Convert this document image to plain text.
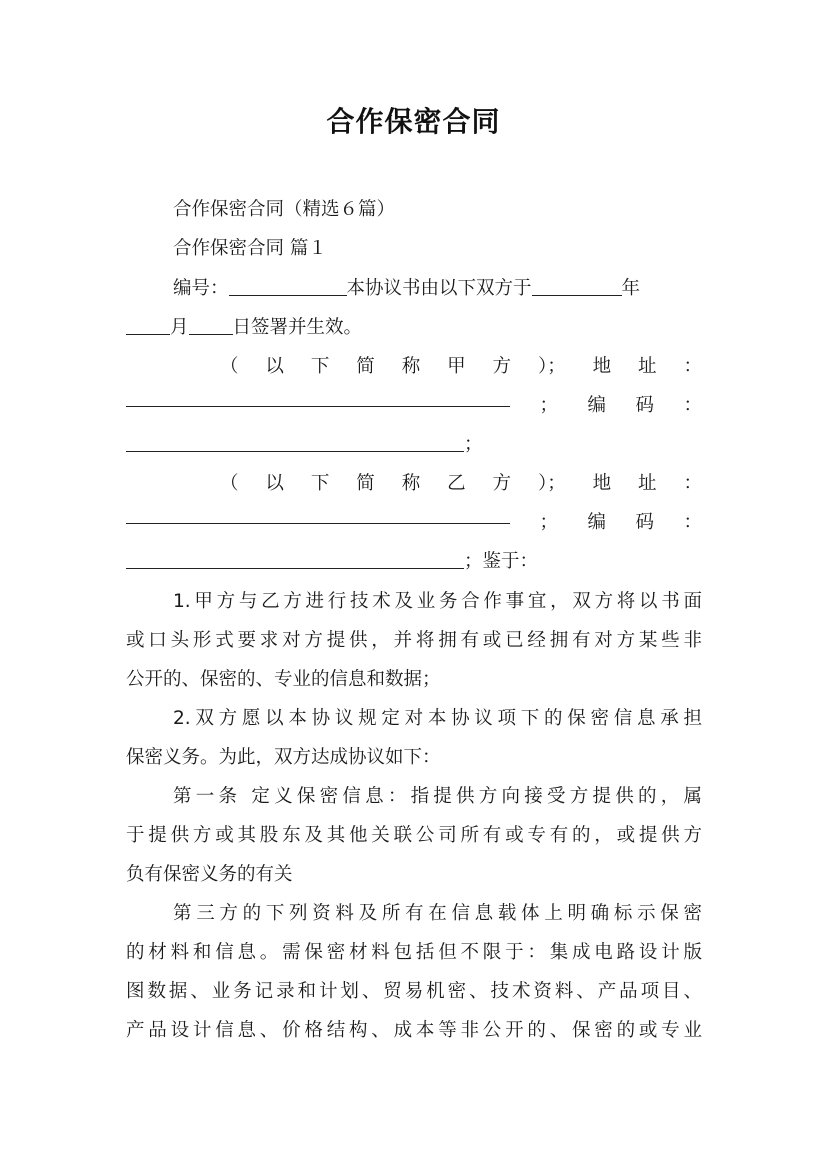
合作保密合同
合作保密合同（精选６篇）
合作保密合同 篇１
编号：	本协议书由以下双方于	年
月 日签署并生效。
（ 以 下 简 称 甲 方 ）； 地 址 ：
； 编 码 ：
；
（ 以 下 简 称 乙 方 ）； 地 址 ：
； 编 码 ：
；鉴于：
1.甲方与乙方进行技术及业务合作事宜，双方将以书面
或口头形式要求对方提供，并将拥有或已经拥有对方某些非
公开的、保密的、专业的信息和数据；
2.双方愿以本协议规定对本协议项下的保密信息承担
保密义务。为此，双方达成协议如下：
第一条 定义保密信息：指提供方向接受方提供的，属
于提供方或其股东及其他关联公司所有或专有的，或提供方
负有保密义务的有关
第三方的下列资料及所有在信息载体上明确标示保密
的材料和信息。需保密材料包括但不限于：集成电路设计版
图数据、业务记录和计划、贸易机密、技术资料、产品项目、
产品设计信息、价格结构、成本等非公开的、保密的或专业
